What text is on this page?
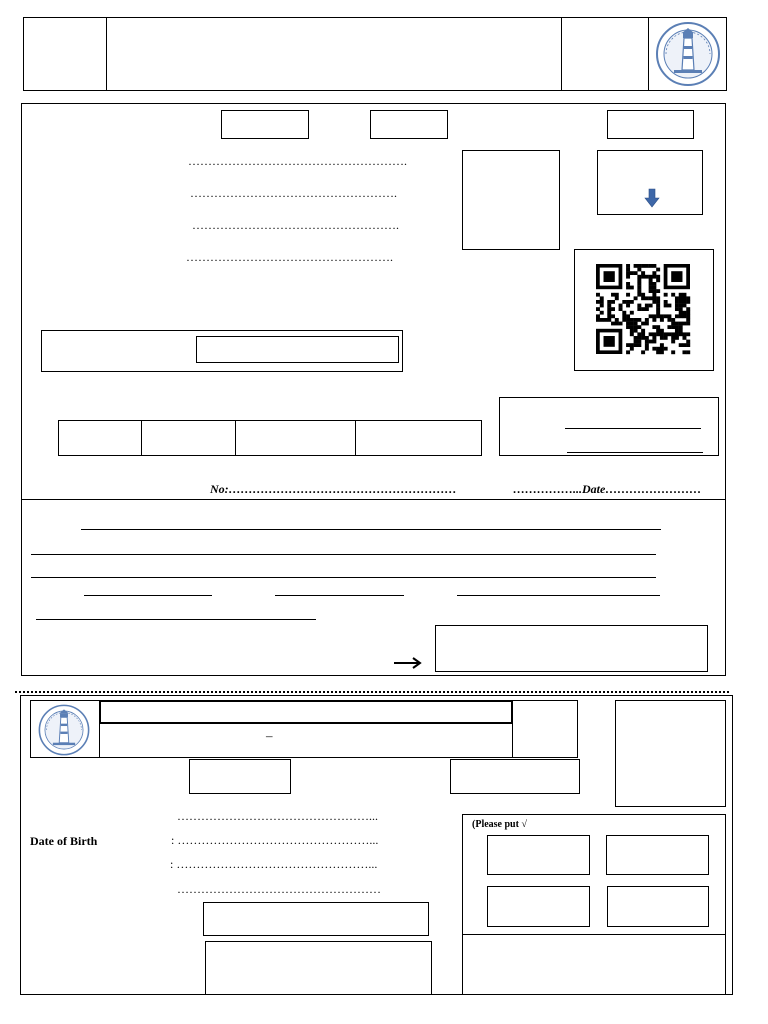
……………………………………………….
…………………………………………….
…………………………………………….
…………………………………………….
No:…………………………………………………	……………...Date……………………
–
…………………………………………...
Date of Birth	: …………………………………………...
: …………………………………………...
……………………………………………
(Please put √
